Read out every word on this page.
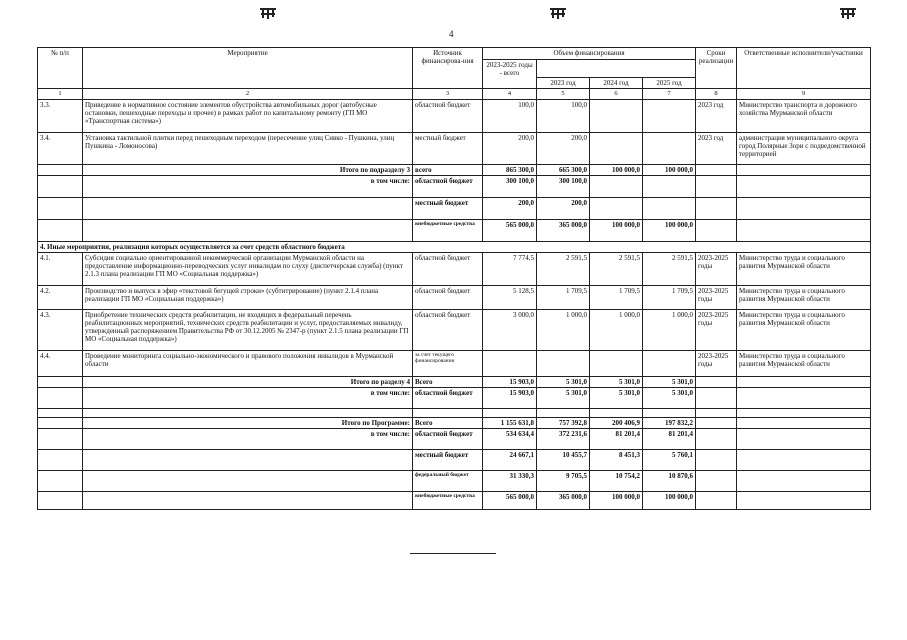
4
№ п/п	Мероприятие	Источник финансирова-ния	Объем финансирования				Сроки реализации	Ответственные исполнители/участники
			2023-2025 годы - всего					
				2023 год	2024 год	2025 год		
1	2	3	4	5	6	7	8	9
3.3.	Приведение в нормативное состояние элементов обустройства автомобильных дорог (автобусные остановки, пешеходные переходы и прочее) в рамках работ по капитальному ремонту (ГП МО «Транспортная система»)	областной бюджет	100,0	100,0			2023 год	Министерство транспорта и дорожного хозяйства Мурманской области
3.4.	Установка тактильной плитки перед пешеходным переходом (пересечение улиц Сивко - Пушкина, улиц Пушкина - Ломоносова)	местный бюджет	200,0	200,0			2023 год	администрация муниципального округа город Полярные Зори с подведомственной территорией
	Итого по подразделу 3	всего	865 300,0	665 300,0	100 000,0	100 000,0		
	в том числе:	областной бюджет	300 100,0	300 100,0				
		местный бюджет	200,0	200,0				
		внебюджетные средства	565 000,0	365 000,0	100 000,0	100 000,0		
4. Иные мероприятия, реализация которых осуществляется за счет средств областного бюджета								
4.1.	Субсидия социально ориентированной некоммерческой организации Мурманской области на предоставление информационно-переводческих услуг инвалидам по слуху (диспетчерская служба) (пункт 2.1.3 плана реализации ГП МО «Социальная поддержка»)	областной бюджет	7 774,5	2 591,5	2 591,5	2 591,5	2023-2025 годы	Министерство труда и социального развития Мурманской области
4.2.	Производство и выпуск в эфир «текстовой бегущей строки» (субтитрирование) (пункт 2.1.4 плана реализации ГП МО «Социальная поддержка»)	областной бюджет	5 128,5	1 709,5	1 709,5	1 709,5	2023-2025 годы	Министерство труда и социального развития Мурманской области
4.3.	Приобретение технических средств реабилитации, не входящих в федеральный перечень реабилитационных мероприятий, технических средств реабилитации и услуг, предоставляемых инвалиду, утвержденный распоряжением Правительства РФ от 30.12.2005 № 2347-р (пункт 2.1.5 плана реализации ГП МО «Социальная поддержка»)	областной бюджет	3 000,0	1 000,0	1 000,0	1 000,0	2023-2025 годы	Министерство труда и социального развития Мурманской области
4.4.	Проведение мониторинга социально-экономического и правового положения инвалидов в Мурманской области	за счет текущего финансирования					2023-2025 годы	Министерство труда и социального развития Мурманской области
	Итого по разделу 4	Всего	15 903,0	5 301,0	5 301,0	5 301,0		
	в том числе:	областной бюджет	15 903,0	5 301,0	5 301,0	5 301,0		

	Итого по Программе:	Всего	1 155 631,8	757 392,8	200 406,9	197 832,2		
	в том числе:	областной бюджет	534 634,4	372 231,6	81 201,4	81 201,4		
		местный бюджет	24 667,1	10 455,7	8 451,3	5 760,1		
		федеральный бюджет	31 330,3	9 705,5	10 754,2	10 870,6		
		внебюджетные средства	565 000,0	365 000,0	100 000,0	100 000,0		
